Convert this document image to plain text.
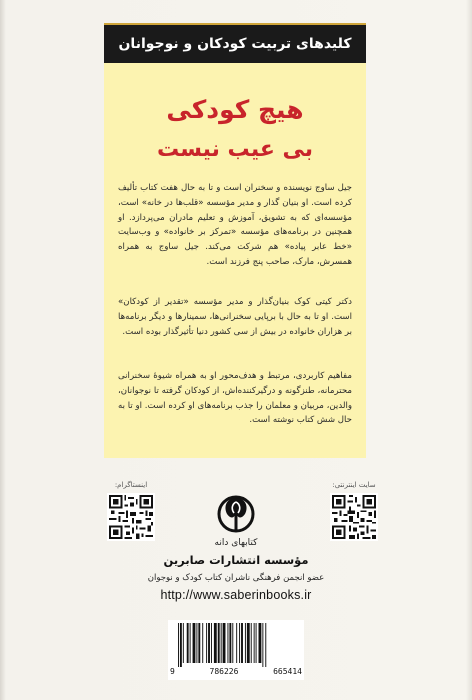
کلیدهای تربیت کودکان و نوجوانان
هیچ کودکی
بی عیب نیست

جیل ساوج نویسنده و سخنران است و تا به حال هفت کتاب تألیف کرده است. او بنیان گذار و مدیر مؤسسه «قلب‌ها در خانه» است، مؤسسه‌ای که به تشویق، آموزش و تعلیم مادران می‌پردازد. او همچنین در برنامه‌های مؤسسه «تمرکز بر خانواده» و وب‌سایت «خط عابر پیاده» هم شرکت می‌کند. جیل ساوج به همراه همسرش، مارک، صاحب پنج فرزند است.

دکتر کیتی کوک بنیان‌گذار و مدیر مؤسسه «تقدیر از کودکان» است. او تا به حال با برپایی سخنرانی‌ها، سمینارها و دیگر برنامه‌ها بر هزاران خانواده در بیش از سی کشور دنیا تأثیرگذار بوده است.

مفاهیم کاربردی، مرتبط و هدف‌محور او به همراه شیوهٔ سخنرانی محترمانه، طنزگونه و درگیرکننده‌اش، از کودکان گرفته تا نوجوانان، والدین، مربیان و معلمان را جذب برنامه‌های او کرده است. او تا به حال شش کتاب نوشته است.

سایت اینترنتی:
اینستاگرام:
کتابهای دانه
مؤسسه انتشارات صابرین
عضو انجمن فرهنگی ناشران کتاب کودک و نوجوان
http://www.saberinbooks.ir
9	786226	665414
